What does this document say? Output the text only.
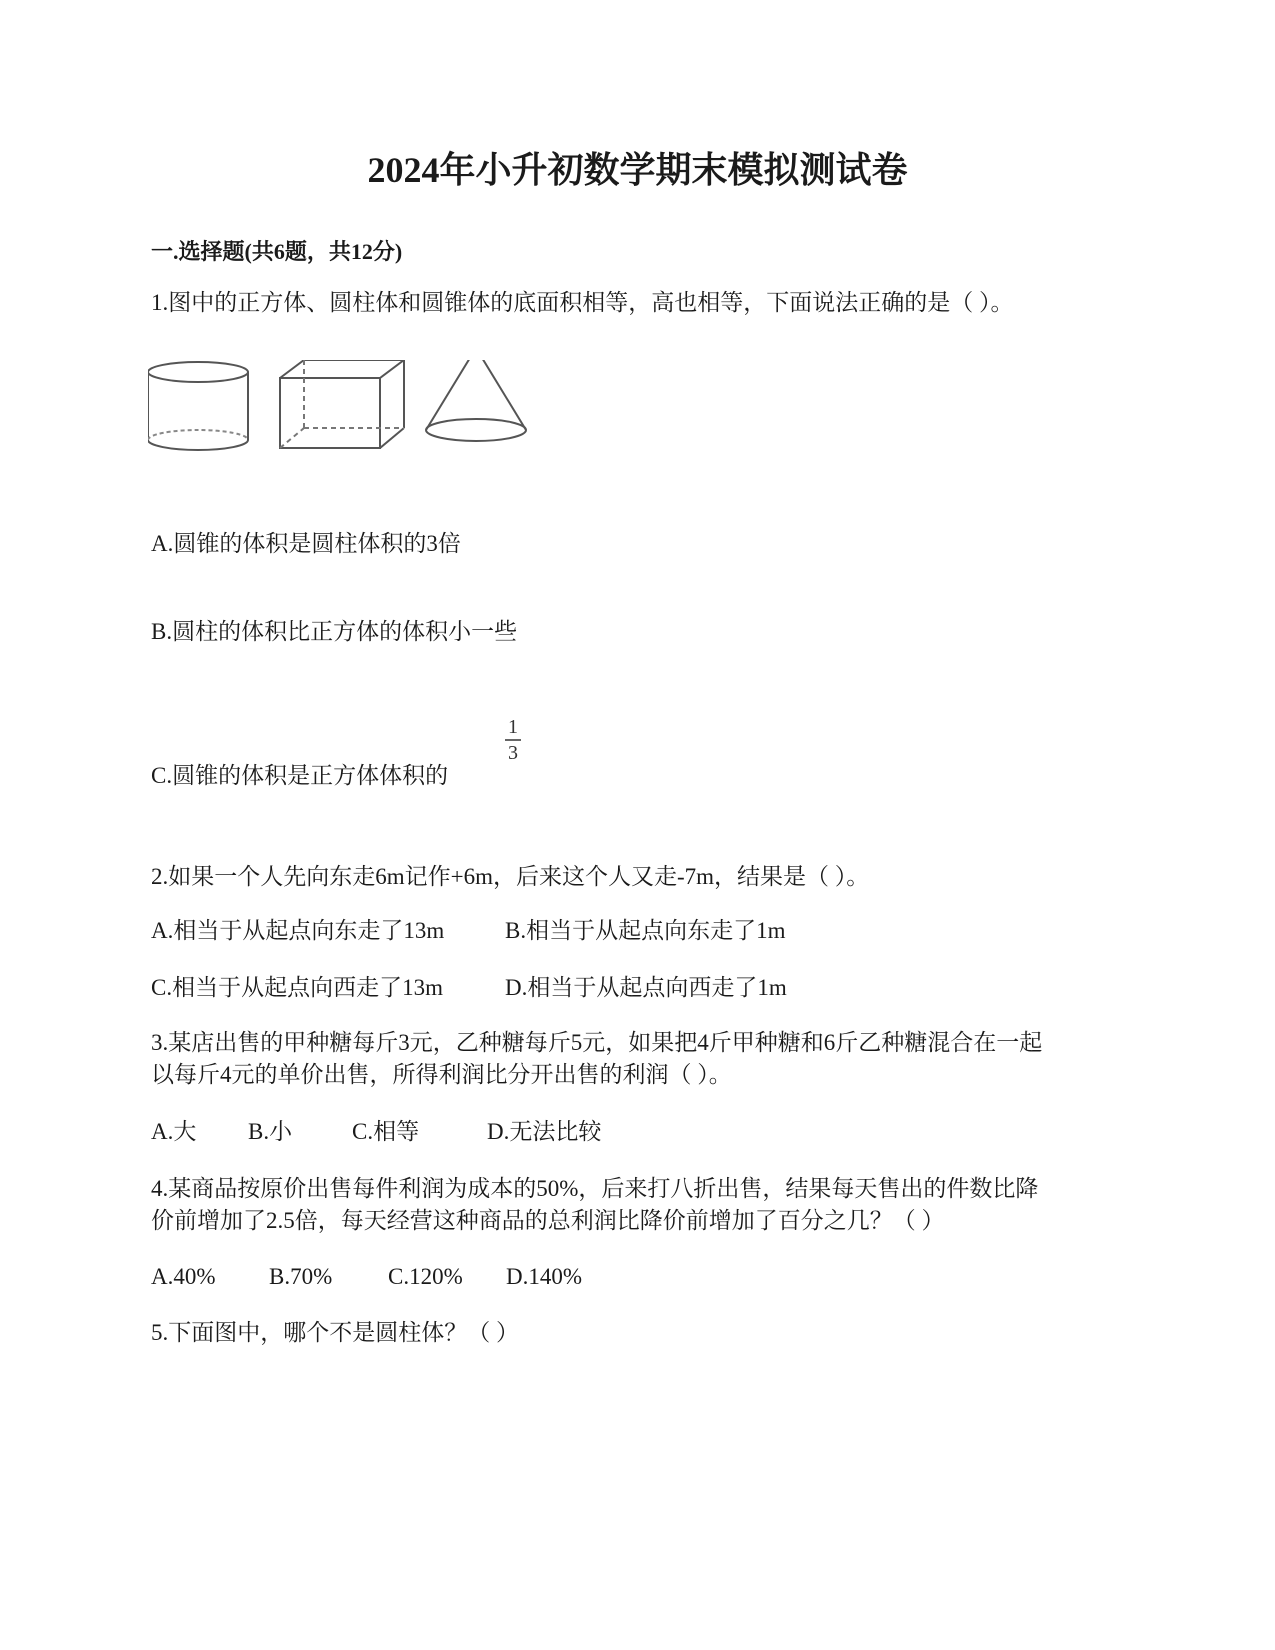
2024年小升初数学期末模拟测试卷
一.选择题(共6题，共12分)
1.图中的正方体、圆柱体和圆锥体的底面积相等，高也相等，下面说法正确的是（ ）。
A.圆锥的体积是圆柱体积的3倍
B.圆柱的体积比正方体的体积小一些
C.圆锥的体积是正方体体积的
1
3
2.如果一个人先向东走6m记作+6m，后来这个人又走-7m，结果是（ ）。
A.相当于从起点向东走了13m	B.相当于从起点向东走了1m
C.相当于从起点向西走了13m	D.相当于从起点向西走了1m
3.某店出售的甲种糖每斤3元，乙种糖每斤5元，如果把4斤甲种糖和6斤乙种糖混合在一起
以每斤4元的单价出售，所得利润比分开出售的利润（ ）。
A.大 B.小	C.相等	D.无法比较
4.某商品按原价出售每件利润为成本的50%，后来打八折出售，结果每天售出的件数比降
价前增加了2.5倍，每天经营这种商品的总利润比降价前增加了百分之几？（ ）
A.40% B.70% C.120% D.140%
5.下面图中，哪个不是圆柱体？（ ）
